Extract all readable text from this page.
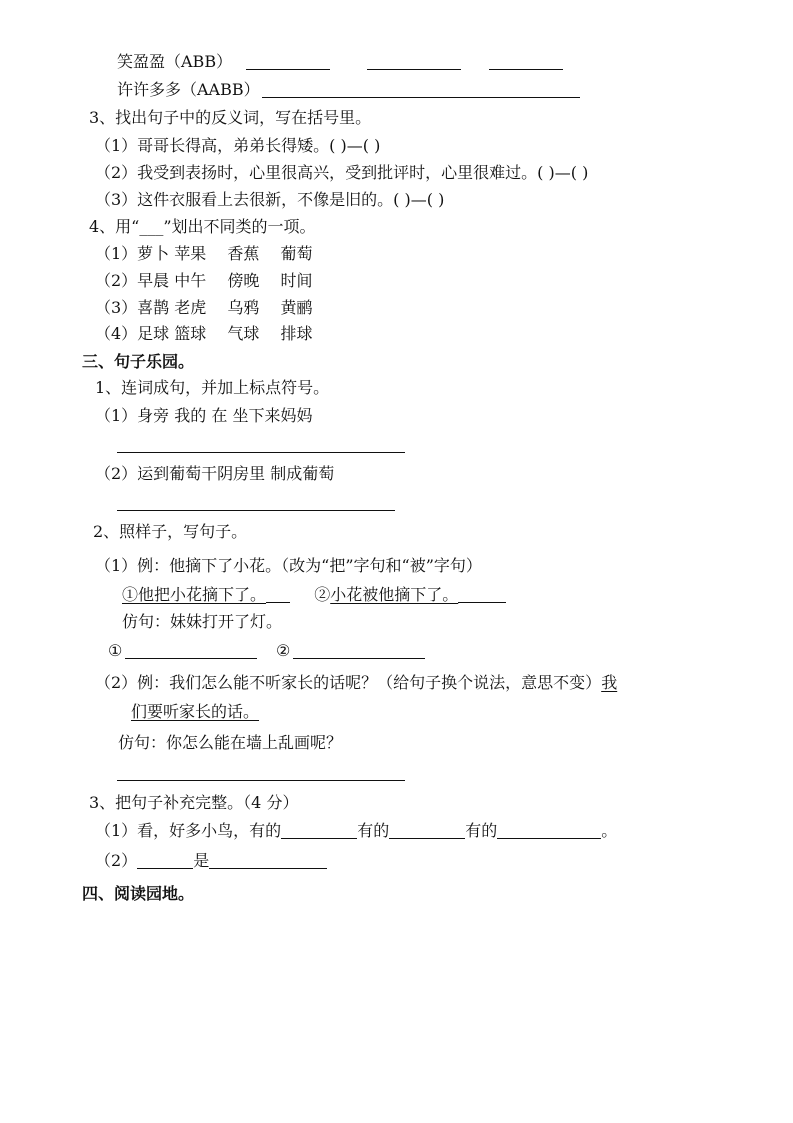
笑盈盈（ABB）
许许多多（AABB）
3、找出句子中的反义词，写在括号里。
（1）哥哥长得高，弟弟长得矮。( )—( )
（2）我受到表扬时，心里很高兴，受到批评时，心里很难过。( )—( )
（3）这件衣服看上去很新，不像是旧的。( )—( )
4、用“___”划出不同类的一项。
（1）萝卜 苹果 　香蕉　 葡萄
（2）早晨 中午　 傍晚　 时间
（3）喜鹊 老虎　 乌鸦　 黄鹂
（4）足球 篮球　 气球　 排球
三、句子乐园。
1、连词成句，并加上标点符号。
（1）身旁 我的 在 坐下来妈妈
（2）运到葡萄干阴房里 制成葡萄
2、照样子，写句子。
（1）例：他摘下了小花。（改为“把”字句和“被”字句）
①他把小花摘下了。	②小花被他摘下了。
仿句：妹妹打开了灯。
①	②
（2）例：我们怎么能不听家长的话呢？（给句子换个说法，意思不变）我
们要听家长的话。
仿句：你怎么能在墙上乱画呢？
3、把句子补充完整。（4 分）
（1）看，好多小鸟，有的	有的	有的	。
（2）	是
四、阅读园地。
